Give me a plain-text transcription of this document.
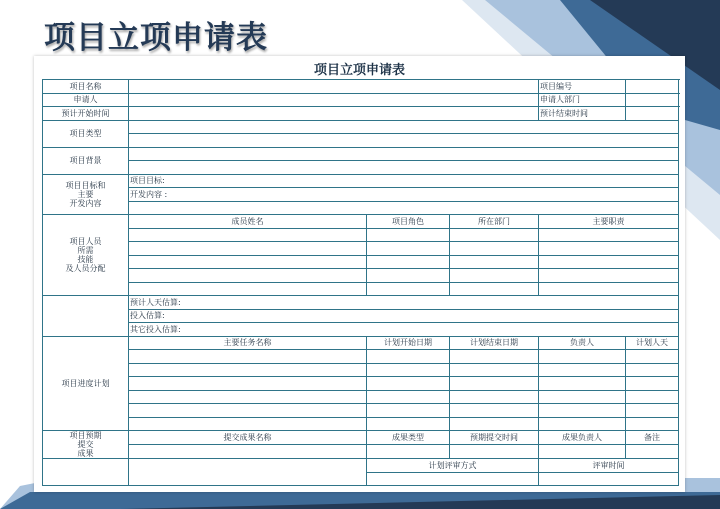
项目立项申请表
项目立项申请表
项目名称				项目编号	
申请人				申请人部门	
预计开始时间				预计结束时间	
项目类型					

项目背景					

项目目标和
主要
开发内容	项目目标:				
	开发内容 :				

项目人员
所需
技能
及人员分配	成员姓名	项目角色	所在部门	主要职责	

	预计人天估算:				
	投入估算:				
	其它投入估算:				
项目进度计划	主要任务名称	计划开始日期	计划结束日期	负责人	计划人天

项目预期
提交
成果	提交成果名称	成果类型	预期提交时间	成果负责人	备注

		计划评审方式		评审时间	
